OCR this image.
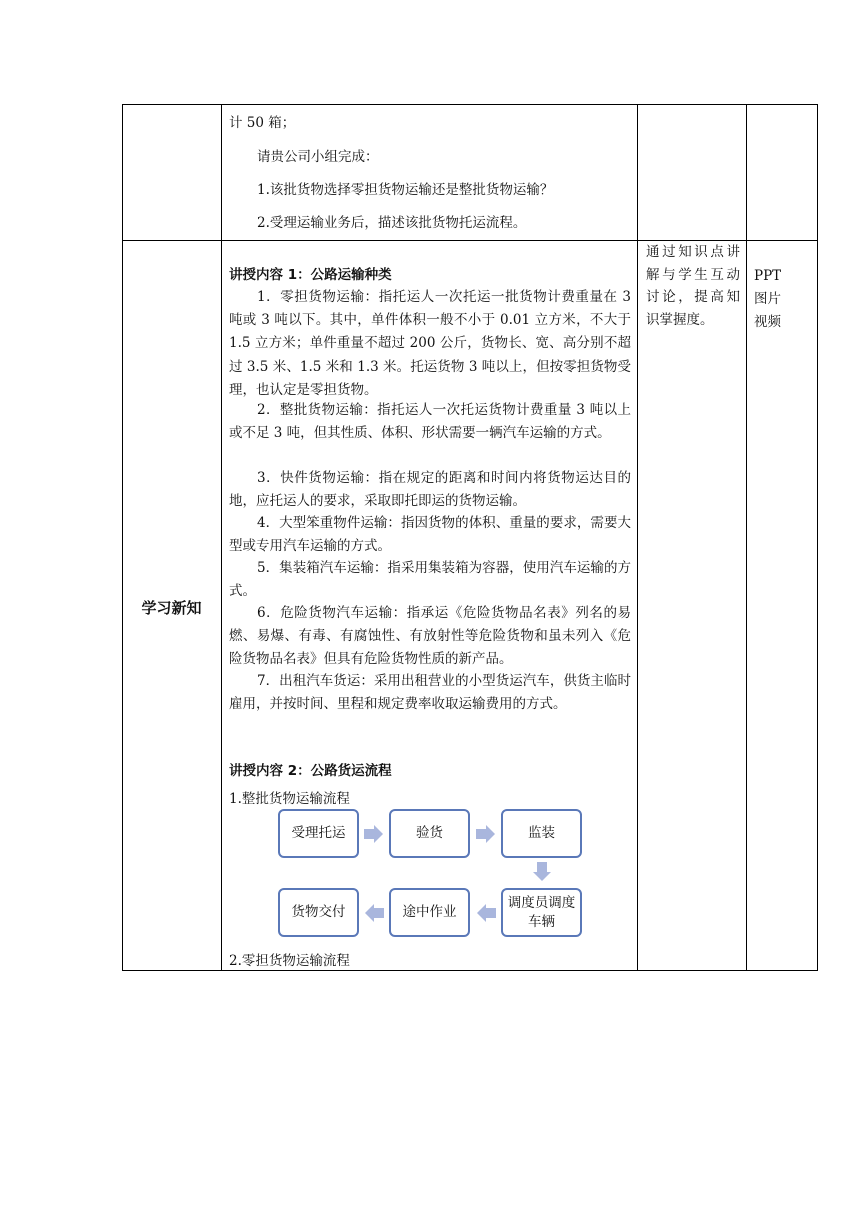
计 50 箱；
请贵公司小组完成：
1.该批货物选择零担货物运输还是整批货物运输？
2.受理运输业务后，描述该批货物托运流程。
学习新知
通过知识点讲解与学生互动讨论，提高知识掌握度。
PPT
图片
视频
讲授内容 1：公路运输种类
1．零担货物运输：指托运人一次托运一批货物计费重量在 3 吨或 3 吨以下。其中，单件体积一般不小于 0.01 立方米，不大于 1.5 立方米；单件重量不超过 200 公斤，货物长、宽、高分别不超过 3.5 米、1.5 米和 1.3 米。托运货物 3 吨以上，但按零担货物受理，也认定是零担货物。
2．整批货物运输：指托运人一次托运货物计费重量 3 吨以上或不足 3 吨，但其性质、体积、形状需要一辆汽车运输的方式。
3．快件货物运输：指在规定的距离和时间内将货物运达目的地，应托运人的要求，采取即托即运的货物运输。
4．大型笨重物件运输：指因货物的体积、重量的要求，需要大型或专用汽车运输的方式。
5．集装箱汽车运输：指采用集装箱为容器，使用汽车运输的方式。
6．危险货物汽车运输：指承运《危险货物品名表》列名的易燃、易爆、有毒、有腐蚀性、有放射性等危险货物和虽未列入《危险货物品名表》但具有危险货物性质的新产品。
7．出租汽车货运：采用出租营业的小型货运汽车，供货主临时雇用，并按时间、里程和规定费率收取运输费用的方式。
讲授内容 2：公路货运流程
1.整批货物运输流程
受理托运	验货	监装
调度员调度车辆
途中作业
货物交付
2.零担货物运输流程
